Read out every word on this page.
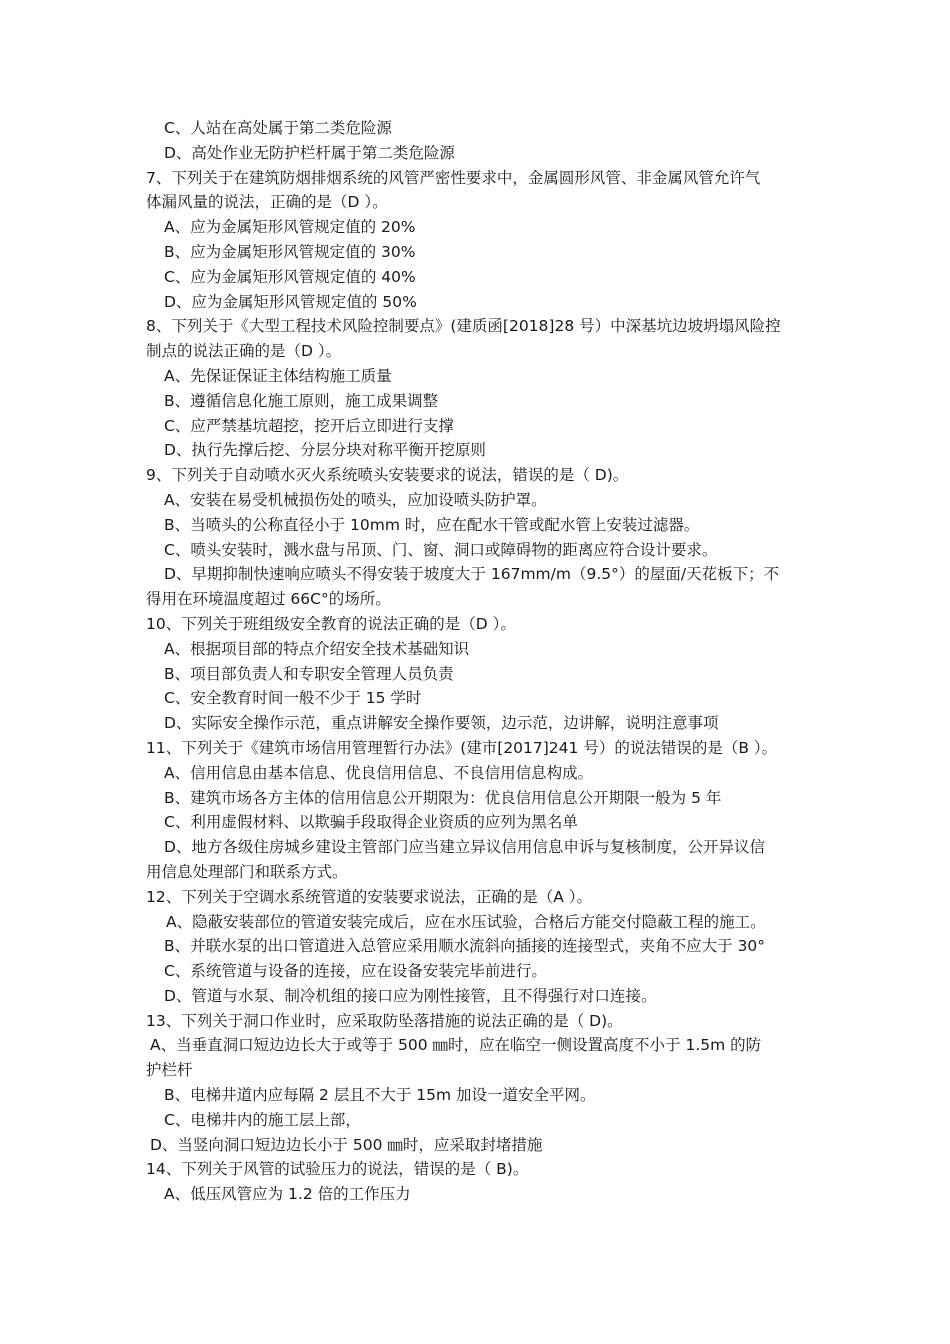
C、人站在高处属于第二类危险源
D、高处作业无防护栏杆属于第二类危险源
7、下列关于在建筑防烟排烟系统的风管严密性要求中，金属圆形风管、非金属风管允许气
体漏风量的说法，正确的是（D ）。
A、应为金属矩形风管规定值的 20%
B、应为金属矩形风管规定值的 30%
C、应为金属矩形风管规定值的 40%
D、应为金属矩形风管规定值的 50%
8、下列关于《大型工程技术风险控制要点》(建质函[2018]28 号）中深基坑边坡坍塌风险控
制点的说法正确的是（D ）。
A、先保证保证主体结构施工质量
B、遵循信息化施工原则，施工成果调整
C、应严禁基坑超挖，挖开后立即进行支撑
D、执行先撑后挖、分层分块对称平衡开挖原则
9、下列关于自动喷水灭火系统喷头安装要求的说法，错误的是（ D)。
A、安装在易受机械损伤处的喷头，应加设喷头防护罩。
B、当喷头的公称直径小于 10mm 时，应在配水干管或配水管上安装过滤器。
C、喷头安装时，溅水盘与吊顶、门、窗、洞口或障碍物的距离应符合设计要求。
D、早期抑制快速响应喷头不得安装于坡度大于 167mm/m（9.5°）的屋面/天花板下；不
得用在环境温度超过 66C°的场所。
10、下列关于班组级安全教育的说法正确的是（D ）。
A、根据项目部的特点介绍安全技术基础知识
B、项目部负责人和专职安全管理人员负责
C、安全教育时间一般不少于 15 学时
D、实际安全操作示范，重点讲解安全操作要领，边示范，边讲解，说明注意事项
11、下列关于《建筑市场信用管理暂行办法》(建市[2017]241 号）的说法错误的是（B ）。
A、信用信息由基本信息、优良信用信息、不良信用信息构成。
B、建筑市场各方主体的信用信息公开期限为：优良信用信息公开期限一般为 5 年
C、利用虚假材料、以欺骗手段取得企业资质的应列为黑名单
D、地方各级住房城乡建设主管部门应当建立异议信用信息申诉与复核制度，公开异议信
用信息处理部门和联系方式。
12、下列关于空调水系统管道的安装要求说法，正确的是（A ）。
A、隐蔽安装部位的管道安装完成后，应在水压试验，合格后方能交付隐蔽工程的施工。
B、并联水泵的出口管道进入总管应采用顺水流斜向插接的连接型式，夹角不应大于 30°
C、系统管道与设备的连接，应在设备安装完毕前进行。
D、管道与水泵、制冷机组的接口应为刚性接管，且不得强行对口连接。
13、下列关于洞口作业时，应采取防坠落措施的说法正确的是（ D)。
A、当垂直洞口短边边长大于或等于 500 ㎜时，应在临空一侧设置高度不小于 1.5m 的防
护栏杆
B、电梯井道内应每隔 2 层且不大于 15m 加设一道安全平网。
C、电梯井内的施工层上部，
D、当竖向洞口短边边长小于 500 ㎜时，应采取封堵措施
14、下列关于风管的试验压力的说法，错误的是（ B)。
A、低压风管应为 1.2 倍的工作压力
